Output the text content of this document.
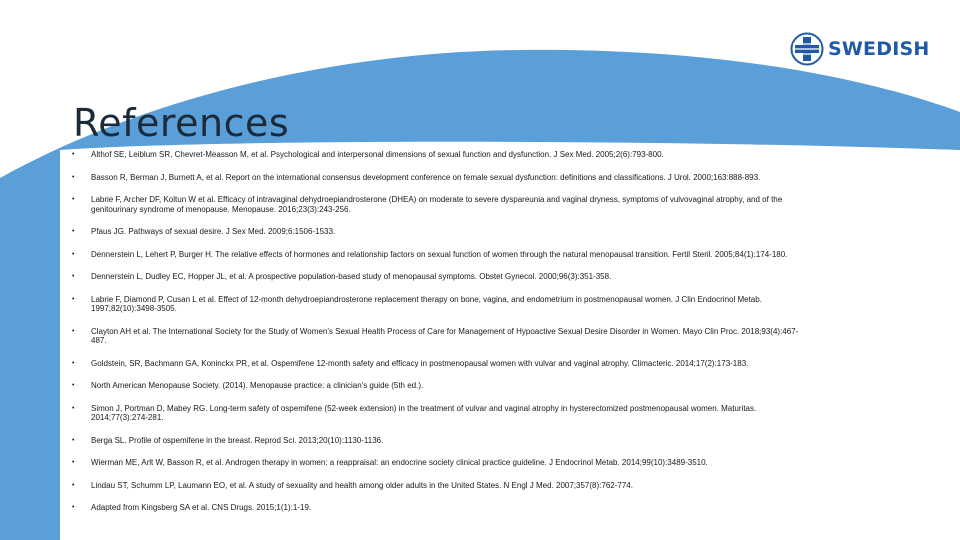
SWEDISH
References
• Althof SE, Leiblum SR, Chevret-Measson M, et al. Psychological and interpersonal dimensions of sexual function and dysfunction. J Sex Med. 2005;2(6):793-800.
• Basson R, Berman J, Burnett A, et al. Report on the international consensus development conference on female sexual dysfunction: definitions and classifications. J Urol. 2000;163:888-893.
• Labrie F, Archer DF, Koltun W et al. Efficacy of intravaginal dehydroepiandrosterone (DHEA) on moderate to severe dyspareunia and vaginal dryness, symptoms of vulvovaginal atrophy, and of the genitourinary syndrome of menopause. Menopause. 2016;23(3):243-256.
• Pfaus JG. Pathways of sexual desire. J Sex Med. 2009;6:1506-1533.
• Dennerstein L, Lehert P, Burger H. The relative effects of hormones and relationship factors on sexual function of women through the natural menopausal transition. Fertil Steril. 2005;84(1):174-180.
• Dennerstein L, Dudley EC, Hopper JL, et al. A prospective population-based study of menopausal symptoms. Obstet Gynecol. 2000;96(3):351-358.
• Labrie F, Diamond P, Cusan L et al. Effect of 12-month dehydroepiandrosterone replacement therapy on bone, vagina, and endometrium in postmenopausal women. J Clin Endocrinol Metab. 1997;82(10):3498-3505.
• Clayton AH et al. The International Society for the Study of Women’s Sexual Health Process of Care for Management of Hypoactive Sexual Desire Disorder in Women. Mayo Clin Proc. 2018;93(4):467-487.
• Goldstein, SR, Bachmann GA, Koninckx PR, et al. Ospemifene 12-month safety and efficacy in postmenopausal women with vulvar and vaginal atrophy. Climacteric. 2014;17(2):173-183.
• North American Menopause Society. (2014). Menopause practice: a clinician's guide (5th ed.).
• Simon J, Portman D, Mabey RG. Long-term safety of ospemifene (52-week extension) in the treatment of vulvar and vaginal atrophy in hysterectomized postmenopausal women. Maturitas. 2014;77(3):274-281.
• Berga SL. Profile of ospemifene in the breast. Reprod Sci. 2013;20(10):1130-1136.
• Wierman ME, Arlt W, Basson R, et al. Androgen therapy in women: a reappraisal: an endocrine society clinical practice guideline. J Endocrinol Metab. 2014;99(10):3489-3510.
• Lindau ST, Schumm LP, Laumann EO, et al. A study of sexuality and health among older adults in the United States. N Engl J Med. 2007;357(8):762-774.
• Adapted from Kingsberg SA et al. CNS Drugs. 2015;1(1):1-19.
